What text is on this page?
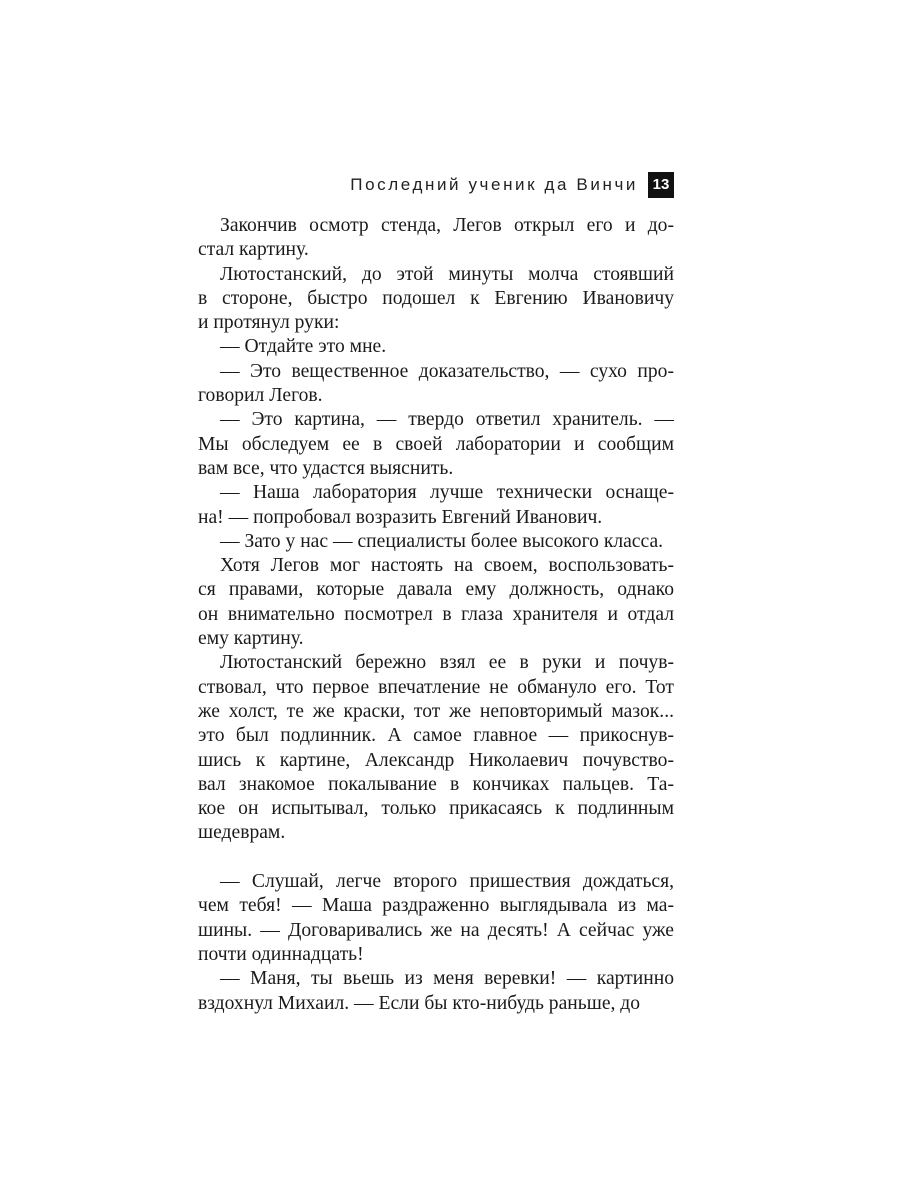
Последний ученик да Винчи 13

Закончив осмотр стенда, Легов открыл его и до-
стал картину.

Лютостанский, до этой минуты молча стоявший
в стороне, быстро подошел к Евгению Ивановичу
и протянул руки:

— Отдайте это мне.

— Это вещественное доказательство, — сухо про-
говорил Легов.

— Это картина, — твердо ответил хранитель. —
Мы обследуем ее в своей лаборатории и сообщим
вам все, что удастся выяснить.

— Наша лаборатория лучше технически оснаще-
на! — попробовал возразить Евгений Иванович.

— Зато у нас — специалисты более высокого класса.

Хотя Легов мог настоять на своем, воспользовать-
ся правами, которые давала ему должность, однако
он внимательно посмотрел в глаза хранителя и отдал
ему картину.

Лютостанский бережно взял ее в руки и почув-
ствовал, что первое впечатление не обмануло его. Тот
же холст, те же краски, тот же неповторимый мазок...
это был подлинник. А самое главное — прикоснув-
шись к картине, Александр Николаевич почувство-
вал знакомое покалывание в кончиках пальцев. Та-
кое он испытывал, только прикасаясь к подлинным
шедеврам.

— Слушай, легче второго пришествия дождаться,
чем тебя! — Маша раздраженно выглядывала из ма-
шины. — Договаривались же на десять! А сейчас уже
почти одиннадцать!

— Маня, ты вьешь из меня веревки! — картинно
вздохнул Михаил. — Если бы кто-нибудь раньше, до
